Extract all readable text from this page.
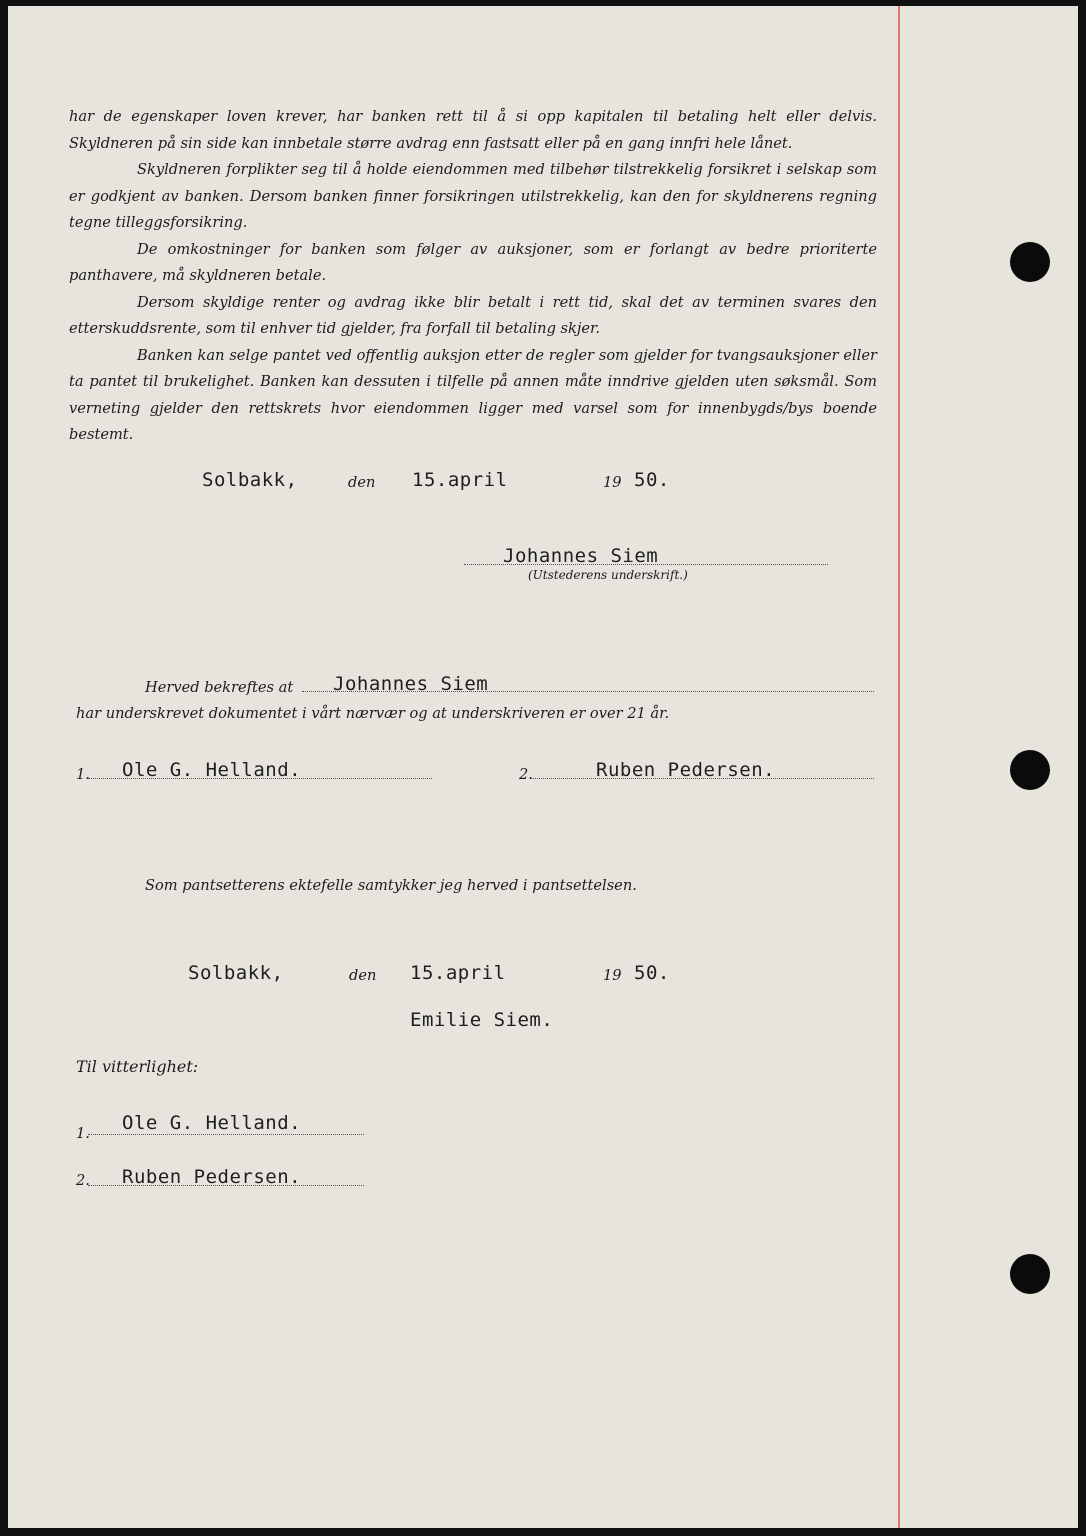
har de egenskaper loven krever, har banken rett til å si opp kapitalen til betaling helt eller delvis. Skyldneren på sin side kan innbetale større avdrag enn fastsatt eller på en gang innfri hele lånet.

Skyldneren forplikter seg til å holde eiendommen med tilbehør tilstrekkelig forsikret i selskap som er godkjent av banken. Dersom banken finner forsikringen utilstrekkelig, kan den for skyldnerens regning tegne tilleggsforsikring.

De omkostninger for banken som følger av auksjoner, som er forlangt av bedre prioriterte panthavere, må skyldneren betale.

Dersom skyldige renter og avdrag ikke blir betalt i rett tid, skal det av terminen svares den etterskuddsrente, som til enhver tid gjelder, fra forfall til betaling skjer.

Banken kan selge pantet ved offentlig auksjon etter de regler som gjelder for tvangsauksjoner eller ta pantet til brukelighet. Banken kan dessuten i tilfelle på annen måte inndrive gjelden uten søksmål. Som verneting gjelder den rettskrets hvor eiendommen ligger med varsel som for innenbygds/bys boende bestemt.

Solbakk,	den 15.april	19 50.
Johannes Siem
(Utstederens underskrift.)
Herved bekreftes at Johannes Siem
har underskrevet dokumentet i vårt nærvær og at underskriveren er over 21 år.
1. Ole G. Helland.	2.	Ruben Pedersen.
Som pantsetterens ektefelle samtykker jeg herved i pantsettelsen.
Solbakk,	den 15.april	19 50.
Emilie Siem.
Til vitterlighet:
1. Ole G. Helland.
2. Ruben Pedersen.
